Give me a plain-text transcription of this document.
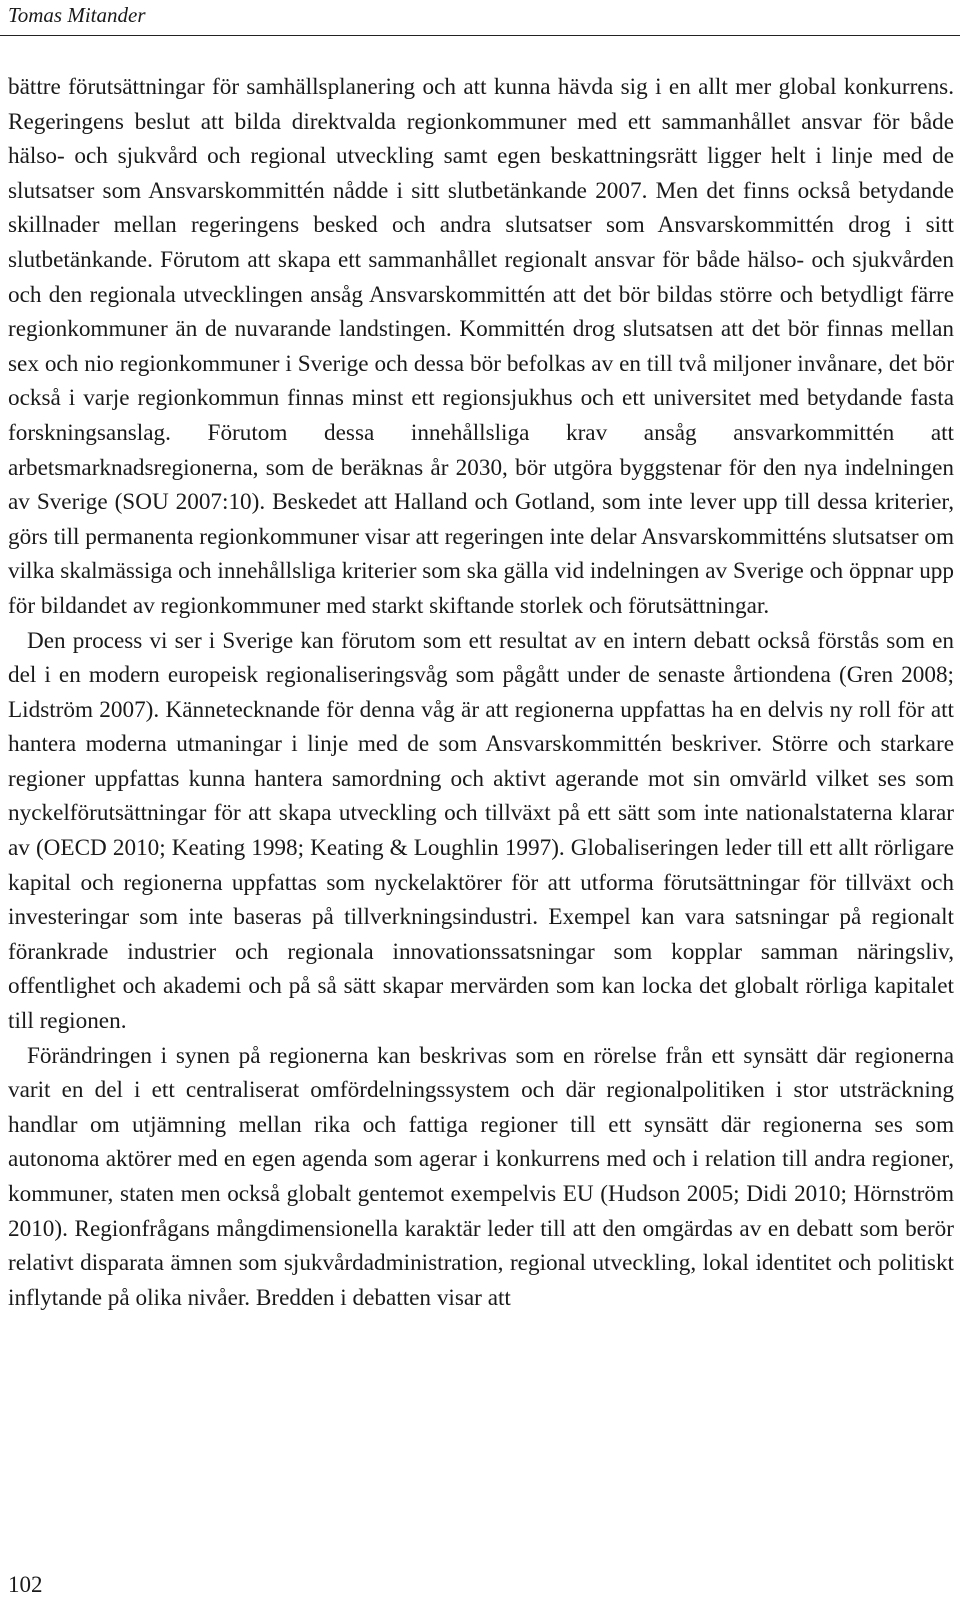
Tomas Mitander

bättre förutsättningar för samhällsplanering och att kunna hävda sig i en allt mer global konkurrens. Regeringens beslut att bilda direktvalda regionkommuner med ett sammanhållet ansvar för både hälso- och sjukvård och regional utveckling samt egen beskattningsrätt ligger helt i linje med de slutsatser som Ansvarskommittén nådde i sitt slutbetänkande 2007. Men det finns också betydande skillnader mellan regeringens besked och andra slutsatser som Ansvarskommittén drog i sitt slutbetänkande. Förutom att skapa ett sammanhållet regionalt ansvar för både hälso- och sjukvården och den regionala utvecklingen ansåg Ansvarskommittén att det bör bildas större och betydligt färre regionkommuner än de nuvarande landstingen. Kommittén drog slutsatsen att det bör finnas mellan sex och nio regionkommuner i Sverige och dessa bör befolkas av en till två miljoner invånare, det bör också i varje regionkommun finnas minst ett regionsjukhus och ett universitet med betydande fasta forskningsanslag. Förutom dessa innehållsliga krav ansåg ansvarkommittén att arbetsmarknadsregionerna, som de beräknas år 2030, bör utgöra byggstenar för den nya indelningen av Sverige (SOU 2007:10). Beskedet att Halland och Gotland, som inte lever upp till dessa kriterier, görs till permanenta regionkommuner visar att regeringen inte delar Ansvarskommitténs slutsatser om vilka skalmässiga och innehållsliga kriterier som ska gälla vid indelningen av Sverige och öppnar upp för bildandet av regionkommuner med starkt skiftande storlek och förutsättningar.

Den process vi ser i Sverige kan förutom som ett resultat av en intern debatt också förstås som en del i en modern europeisk regionaliseringsvåg som pågått under de senaste årtiondena (Gren 2008; Lidström 2007). Kännetecknande för denna våg är att regionerna uppfattas ha en delvis ny roll för att hantera moderna utmaningar i linje med de som Ansvarskommittén beskriver. Större och starkare regioner uppfattas kunna hantera samordning och aktivt agerande mot sin omvärld vilket ses som nyckelförutsättningar för att skapa utveckling och tillväxt på ett sätt som inte nationalstaterna klarar av (OECD 2010; Keating 1998; Keating & Loughlin 1997). Globaliseringen leder till ett allt rörligare kapital och regionerna uppfattas som nyckelaktörer för att utforma förutsättningar för tillväxt och investeringar som inte baseras på tillverkningsindustri. Exempel kan vara satsningar på regionalt förankrade industrier och regionala innovationssatsningar som kopplar samman näringsliv, offentlighet och akademi och på så sätt skapar mervärden som kan locka det globalt rörliga kapitalet till regionen.

Förändringen i synen på regionerna kan beskrivas som en rörelse från ett synsätt där regionerna varit en del i ett centraliserat omfördelningssystem och där regionalpolitiken i stor utsträckning handlar om utjämning mellan rika och fattiga regioner till ett synsätt där regionerna ses som autonoma aktörer med en egen agenda som agerar i konkurrens med och i relation till andra regioner, kommuner, staten men också globalt gentemot exempelvis EU (Hudson 2005; Didi 2010; Hörnström 2010). Regionfrågans mångdimensionella karaktär leder till att den omgärdas av en debatt som berör relativt disparata ämnen som sjukvårdadministration, regional utveckling, lokal identitet och politiskt inflytande på olika nivåer. Bredden i debatten visar att

102
